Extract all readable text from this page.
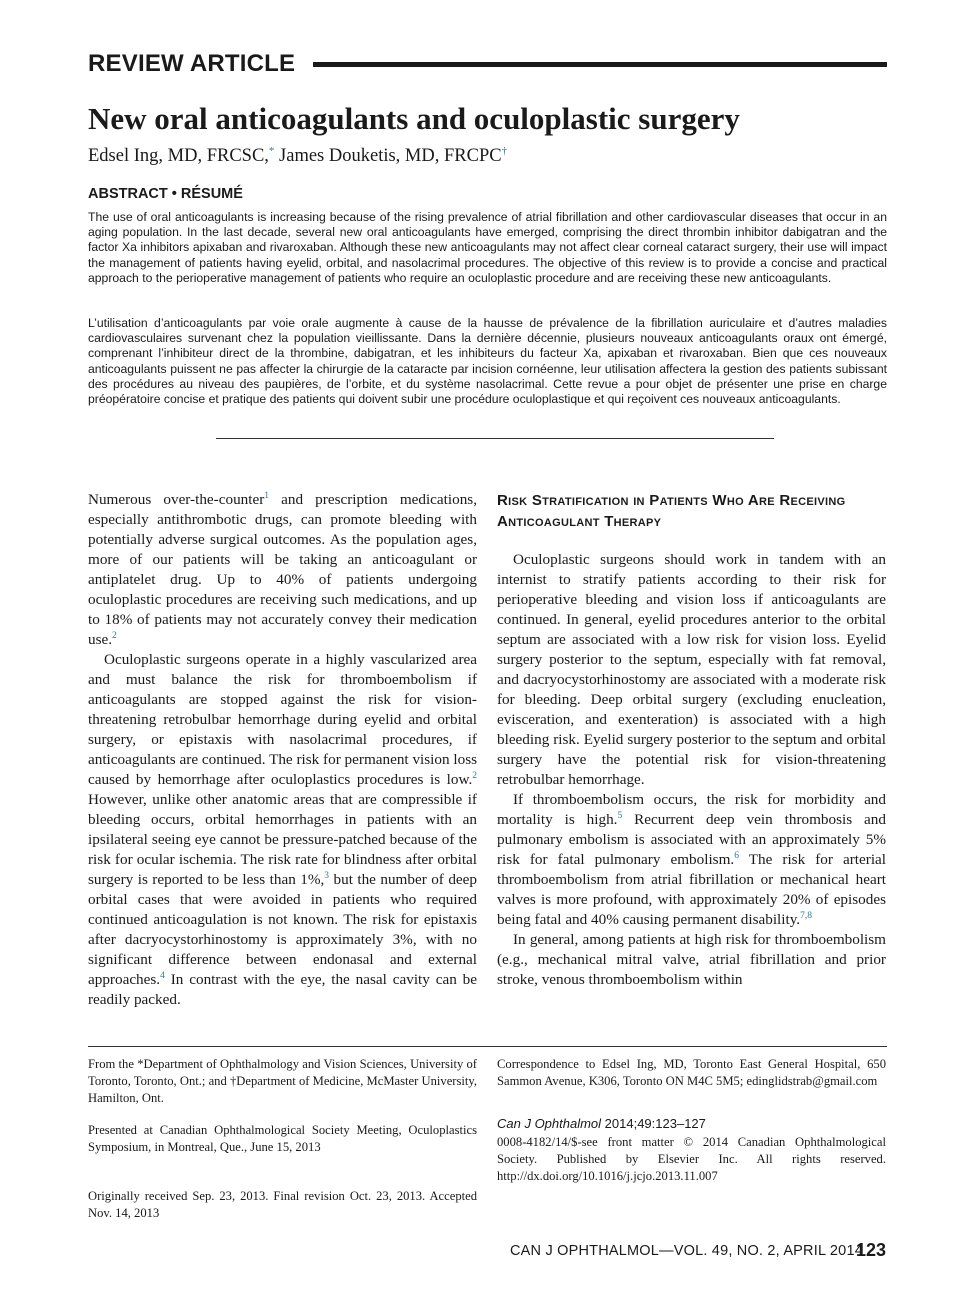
REVIEW ARTICLE
New oral anticoagulants and oculoplastic surgery
Edsel Ing, MD, FRCSC,* James Douketis, MD, FRCPC†
ABSTRACT • RÉSUMÉ
The use of oral anticoagulants is increasing because of the rising prevalence of atrial fibrillation and other cardiovascular diseases that occur in an aging population. In the last decade, several new oral anticoagulants have emerged, comprising the direct thrombin inhibitor dabigatran and the factor Xa inhibitors apixaban and rivaroxaban. Although these new anticoagulants may not affect clear corneal cataract surgery, their use will impact the management of patients having eyelid, orbital, and nasolacrimal procedures. The objective of this review is to provide a concise and practical approach to the perioperative management of patients who require an oculoplastic procedure and are receiving these new anticoagulants.
L’utilisation d’anticoagulants par voie orale augmente à cause de la hausse de prévalence de la fibrillation auriculaire et d’autres maladies cardiovasculaires survenant chez la population vieillissante. Dans la dernière décennie, plusieurs nouveaux anticoagulants oraux ont émergé, comprenant l’inhibiteur direct de la thrombine, dabigatran, et les inhibiteurs du facteur Xa, apixaban et rivaroxaban. Bien que ces nouveaux anticoagulants puissent ne pas affecter la chirurgie de la cataracte par incision cornéenne, leur utilisation affectera la gestion des patients subissant des procédures au niveau des paupières, de l’orbite, et du système nasolacrimal. Cette revue a pour objet de présenter une prise en charge préopératoire concise et pratique des patients qui doivent subir une procédure oculoplastique et qui reçoivent ces nouveaux anticoagulants.

Numerous over-the-counter$^1$ and prescription medications, especially antithrombotic drugs, can promote bleeding with potentially adverse surgical outcomes. As the population ages, more of our patients will be taking an anticoagulant or antiplatelet drug. Up to 40% of patients undergoing oculoplastic procedures are receiving such medications, and up to 18% of patients may not accurately convey their medication use.$^2$

Oculoplastic surgeons operate in a highly vascularized area and must balance the risk for thromboembolism if anticoagulants are stopped against the risk for vision-threatening retrobulbar hemorrhage during eyelid and orbital surgery, or epistaxis with nasolacrimal procedures, if anticoagulants are continued. The risk for permanent vision loss caused by hemorrhage after oculoplastics procedures is low.$^2$ However, unlike other anatomic areas that are compressible if bleeding occurs, orbital hemorrhages in patients with an ipsilateral seeing eye cannot be pressure-patched because of the risk for ocular ischemia. The risk rate for blindness after orbital surgery is reported to be less than 1%,$^3$ but the number of deep orbital cases that were avoided in patients who required continued anticoagulation is not known. The risk for epistaxis after dacryocystorhinostomy is approximately 3%, with no significant difference between endonasal and external approaches.$^4$ In contrast with the eye, the nasal cavity can be readily packed.

Risk Stratification in Patients Who Are Receiving Anticoagulant Therapy

Oculoplastic surgeons should work in tandem with an internist to stratify patients according to their risk for perioperative bleeding and vision loss if anticoagulants are continued. In general, eyelid procedures anterior to the orbital septum are associated with a low risk for vision loss. Eyelid surgery posterior to the septum, especially with fat removal, and dacryocystorhinostomy are associated with a moderate risk for bleeding. Deep orbital surgery (excluding enucleation, evisceration, and exenteration) is associated with a high bleeding risk. Eyelid surgery posterior to the septum and orbital surgery have the potential risk for vision-threatening retrobulbar hemorrhage.

If thromboembolism occurs, the risk for morbidity and mortality is high.$^5$ Recurrent deep vein thrombosis and pulmonary embolism is associated with an approximately 5% risk for fatal pulmonary embolism.$^6$ The risk for arterial thromboembolism from atrial fibrillation or mechanical heart valves is more profound, with approximately 20% of episodes being fatal and 40% causing permanent disability.$^{7,8}$

In general, among patients at high risk for thromboembolism (e.g., mechanical mitral valve, atrial fibrillation and prior stroke, venous thromboembolism within

From the *Department of Ophthalmology and Vision Sciences, University of Toronto, Toronto, Ont.; and †Department of Medicine, McMaster University, Hamilton, Ont.
Presented at Canadian Ophthalmological Society Meeting, Oculoplastics Symposium, in Montreal, Que., June 15, 2013
Originally received Sep. 23, 2013. Final revision Oct. 23, 2013. Accepted Nov. 14, 2013
Correspondence to Edsel Ing, MD, Toronto East General Hospital, 650 Sammon Avenue, K306, Toronto ON M4C 5M5; edinglidstrab@gmail.com
Can J Ophthalmol 2014;49:123–127
0008-4182/14/$-see front matter © 2014 Canadian Ophthalmological Society. Published by Elsevier Inc. All rights reserved. http://dx.doi.org/10.1016/j.jcjo.2013.11.007
CAN J OPHTHALMOL—VOL. 49, NO. 2, APRIL 2014
123
